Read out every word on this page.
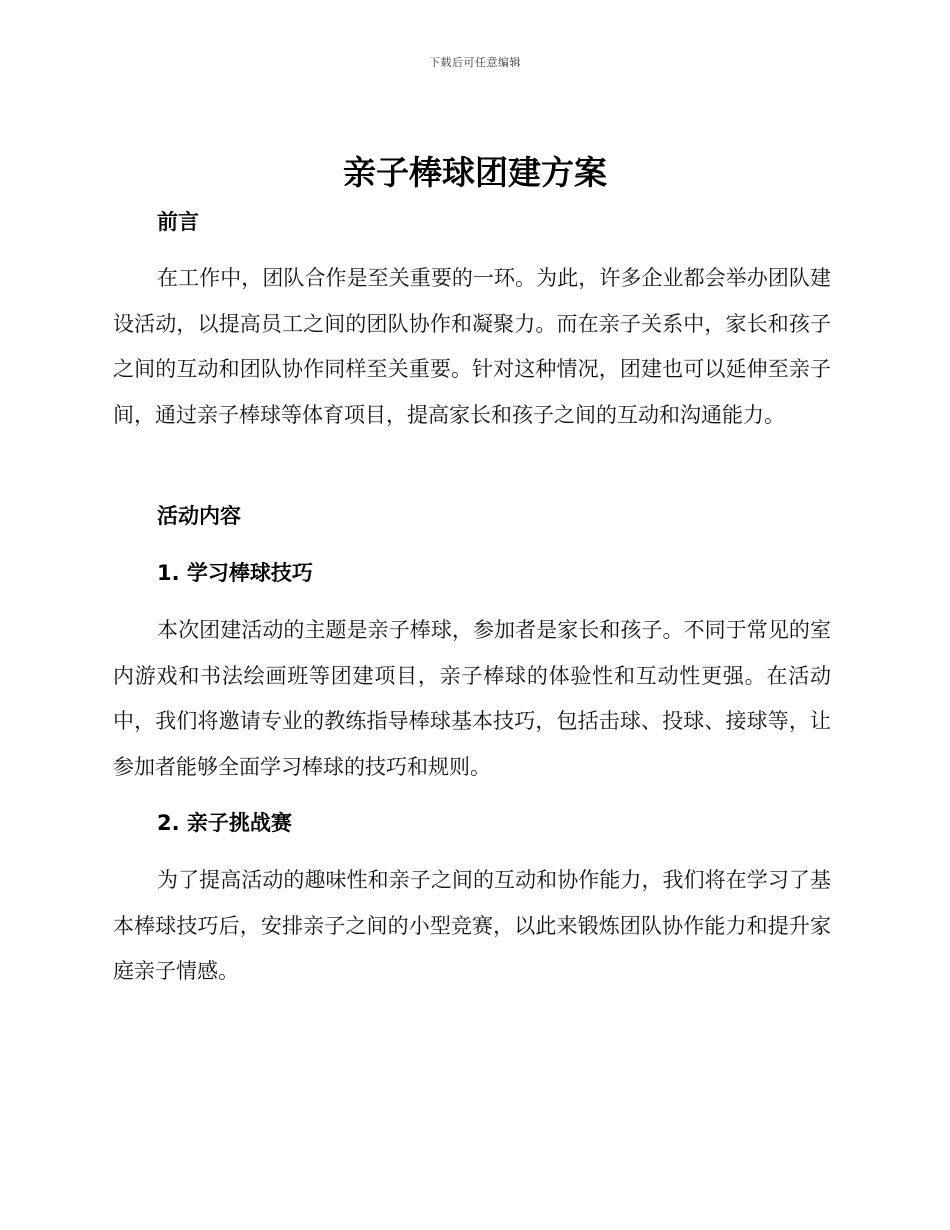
下载后可任意编辑
亲子棒球团建方案
前言

在工作中，团队合作是至关重要的一环。为此，许多企业都会举办团队建设活动，以提高员工之间的团队协作和凝聚力。而在亲子关系中，家长和孩子之间的互动和团队协作同样至关重要。针对这种情况，团建也可以延伸至亲子间，通过亲子棒球等体育项目，提高家长和孩子之间的互动和沟通能力。

活动内容
1. 学习棒球技巧

本次团建活动的主题是亲子棒球，参加者是家长和孩子。不同于常见的室内游戏和书法绘画班等团建项目，亲子棒球的体验性和互动性更强。在活动中，我们将邀请专业的教练指导棒球基本技巧，包括击球、投球、接球等，让参加者能够全面学习棒球的技巧和规则。

2. 亲子挑战赛

为了提高活动的趣味性和亲子之间的互动和协作能力，我们将在学习了基本棒球技巧后，安排亲子之间的小型竞赛，以此来锻炼团队协作能力和提升家庭亲子情感。
